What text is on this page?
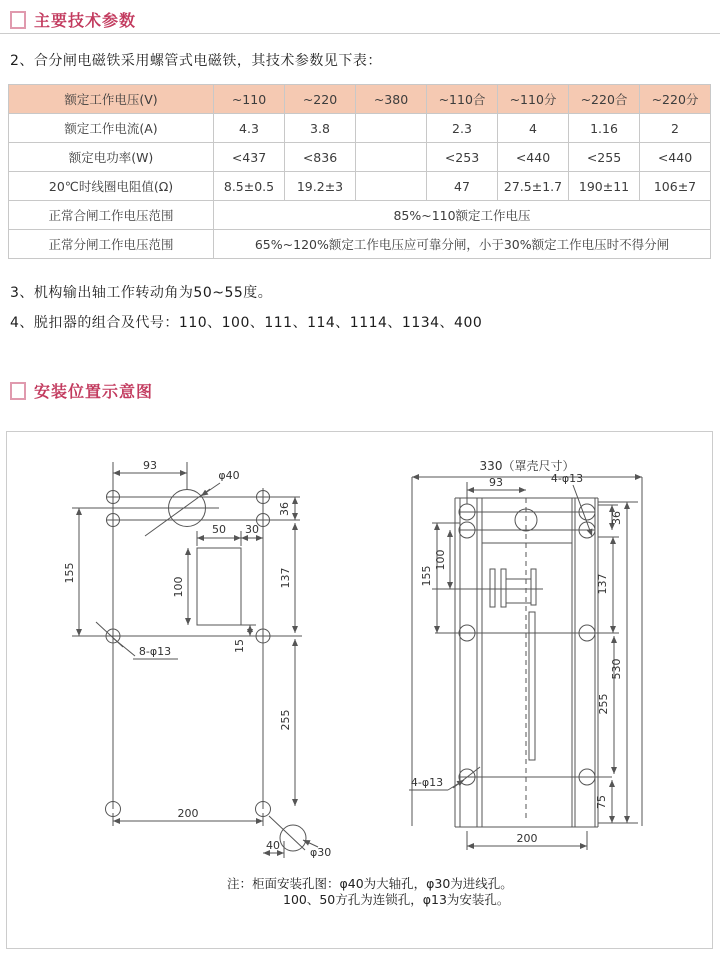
主要技术参数
2、合分闸电磁铁采用螺管式电磁铁，其技术参数见下表：
额定工作电压(V)	~110	~220	~380	~110合	~110分	~220合	~220分
额定工作电流(A)	4.3	3.8		2.3	4	1.16	2
额定电功率(W)	<437	<836		<253	<440	<255	<440
20℃时线圈电阻值(Ω)	8.5±0.5	19.2±3		47	27.5±1.7	190±11	106±7
正常合闸工作电压范围	85%~110额定工作电压						
正常分闸工作电压范围	65%~120%额定工作电压应可靠分闸，小于30%额定工作电压时不得分闸						
3、机构输出轴工作转动角为50~55度。
4、脱扣器的组合及代号：110、100、111、114、1114、1134、400
安装位置示意图
93
φ40
36
137
155
50 30
100
15
8-φ13
255
200
40
φ30
330（罩壳尺寸）
93	4-φ13
36
137
255
75
530
100
155
4-φ13
200
注：柜面安装孔图：φ40为大轴孔，φ30为进线孔。
100、50方孔为连锁孔，φ13为安装孔。
